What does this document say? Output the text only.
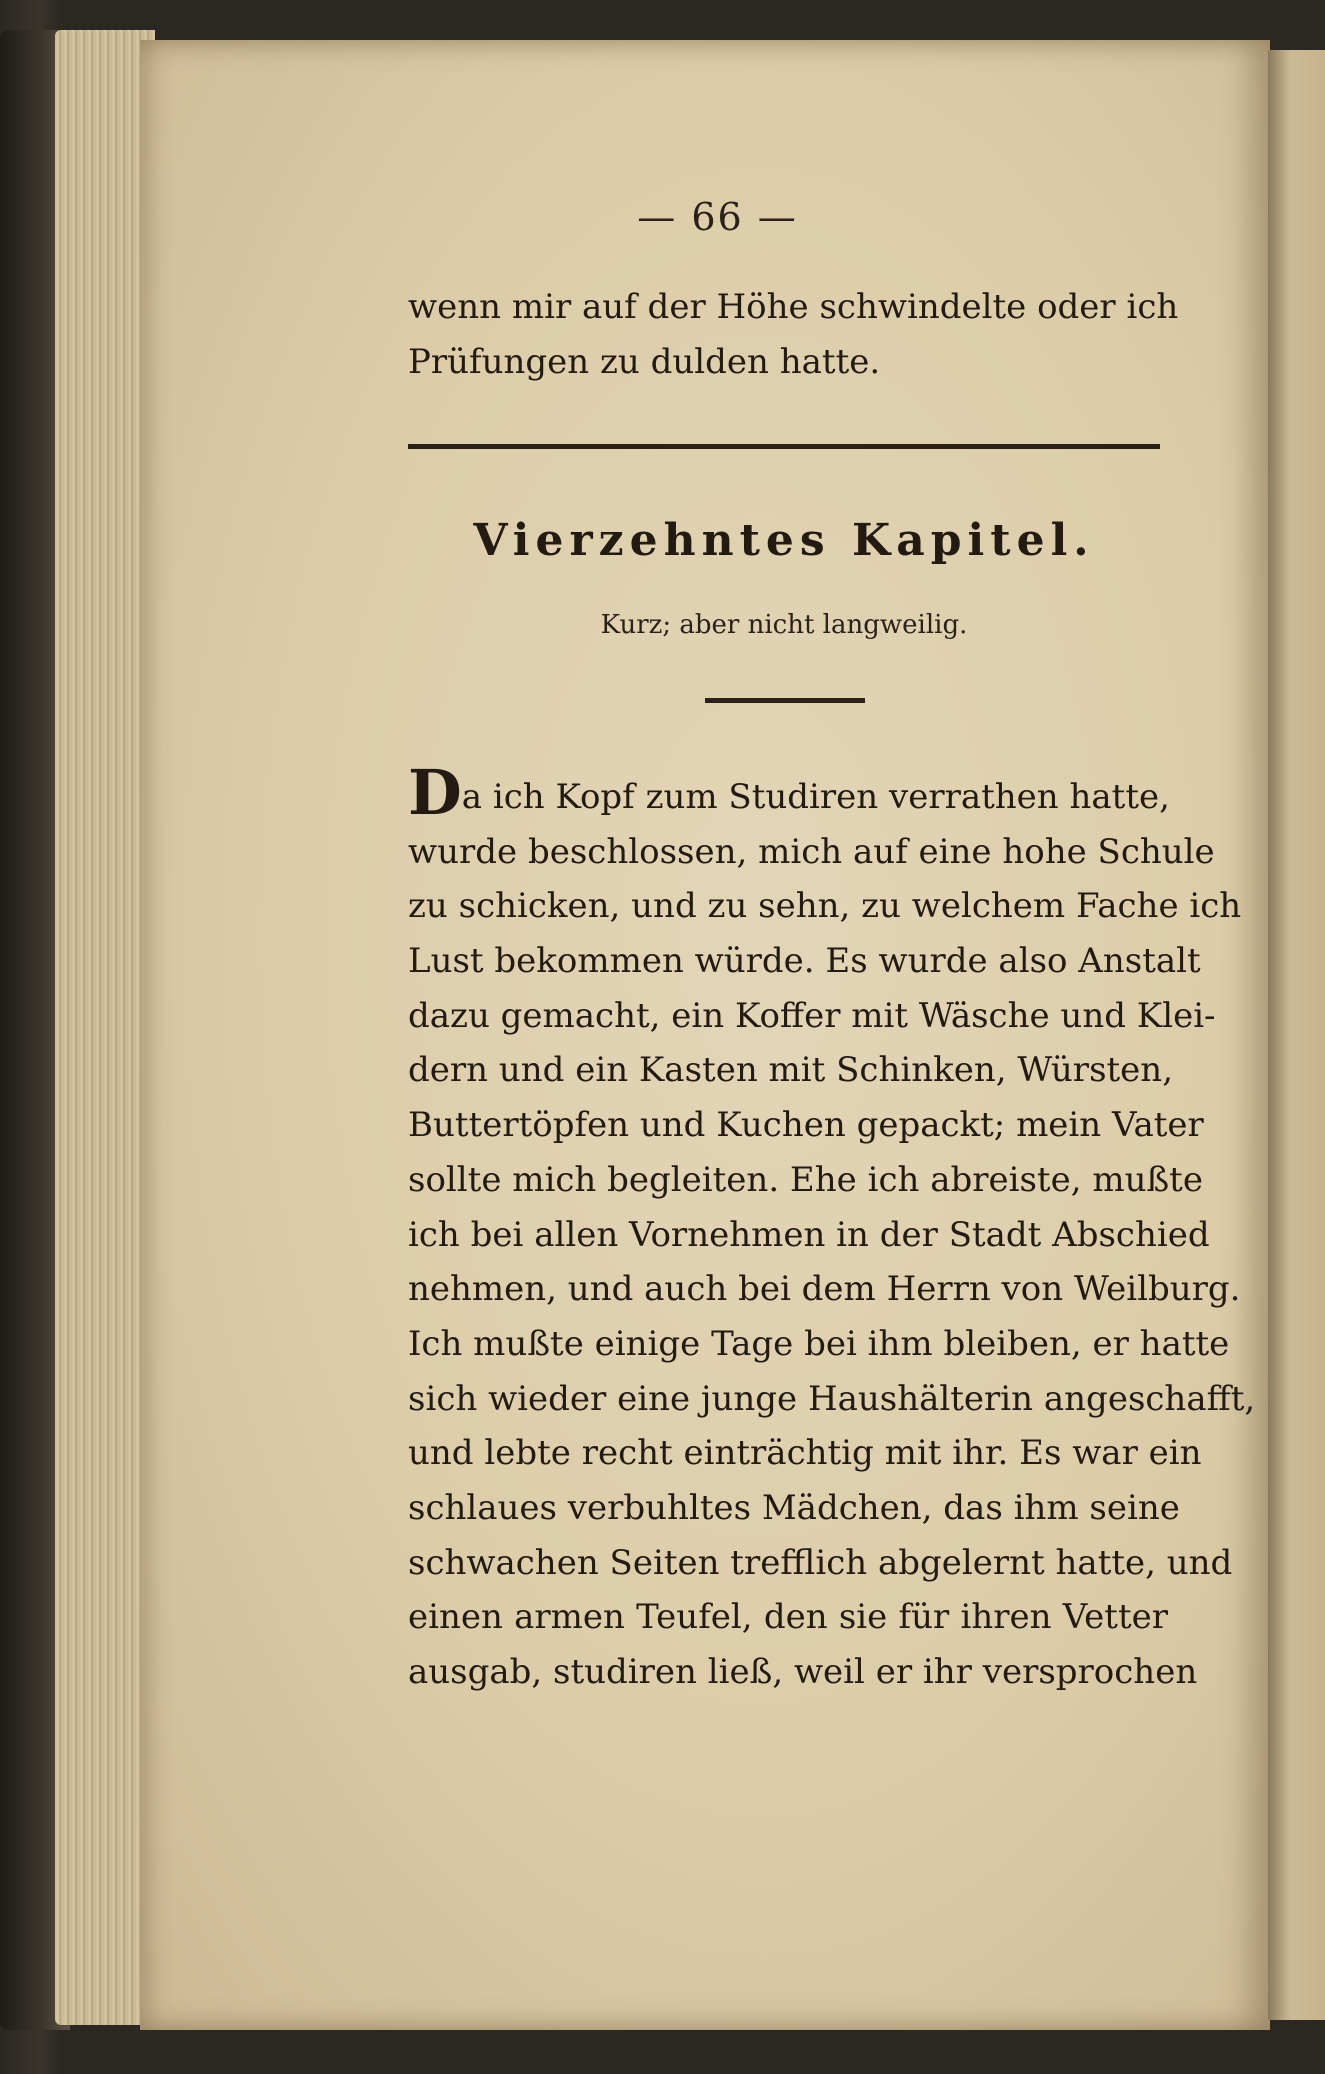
— 66 —
wenn mir auf der Höhe schwindelte oder ich
Prüfungen zu dulden hatte.
Vierzehntes Kapitel.
Kurz; aber nicht langweilig.
Da ich Kopf zum Studiren verrathen hatte,
wurde beschlossen, mich auf eine hohe Schule
zu schicken, und zu sehn, zu welchem Fache ich
Lust bekommen würde. Es wurde also Anstalt
dazu gemacht, ein Koffer mit Wäsche und Klei-
dern und ein Kasten mit Schinken, Würsten,
Buttertöpfen und Kuchen gepackt; mein Vater
sollte mich begleiten. Ehe ich abreiste, mußte
ich bei allen Vornehmen in der Stadt Abschied
nehmen, und auch bei dem Herrn von Weilburg.
Ich mußte einige Tage bei ihm bleiben, er hatte
sich wieder eine junge Haushälterin angeschafft,
und lebte recht einträchtig mit ihr. Es war ein
schlaues verbuhltes Mädchen, das ihm seine
schwachen Seiten trefflich abgelernt hatte, und
einen armen Teufel, den sie für ihren Vetter
ausgab, studiren ließ, weil er ihr versprochen
